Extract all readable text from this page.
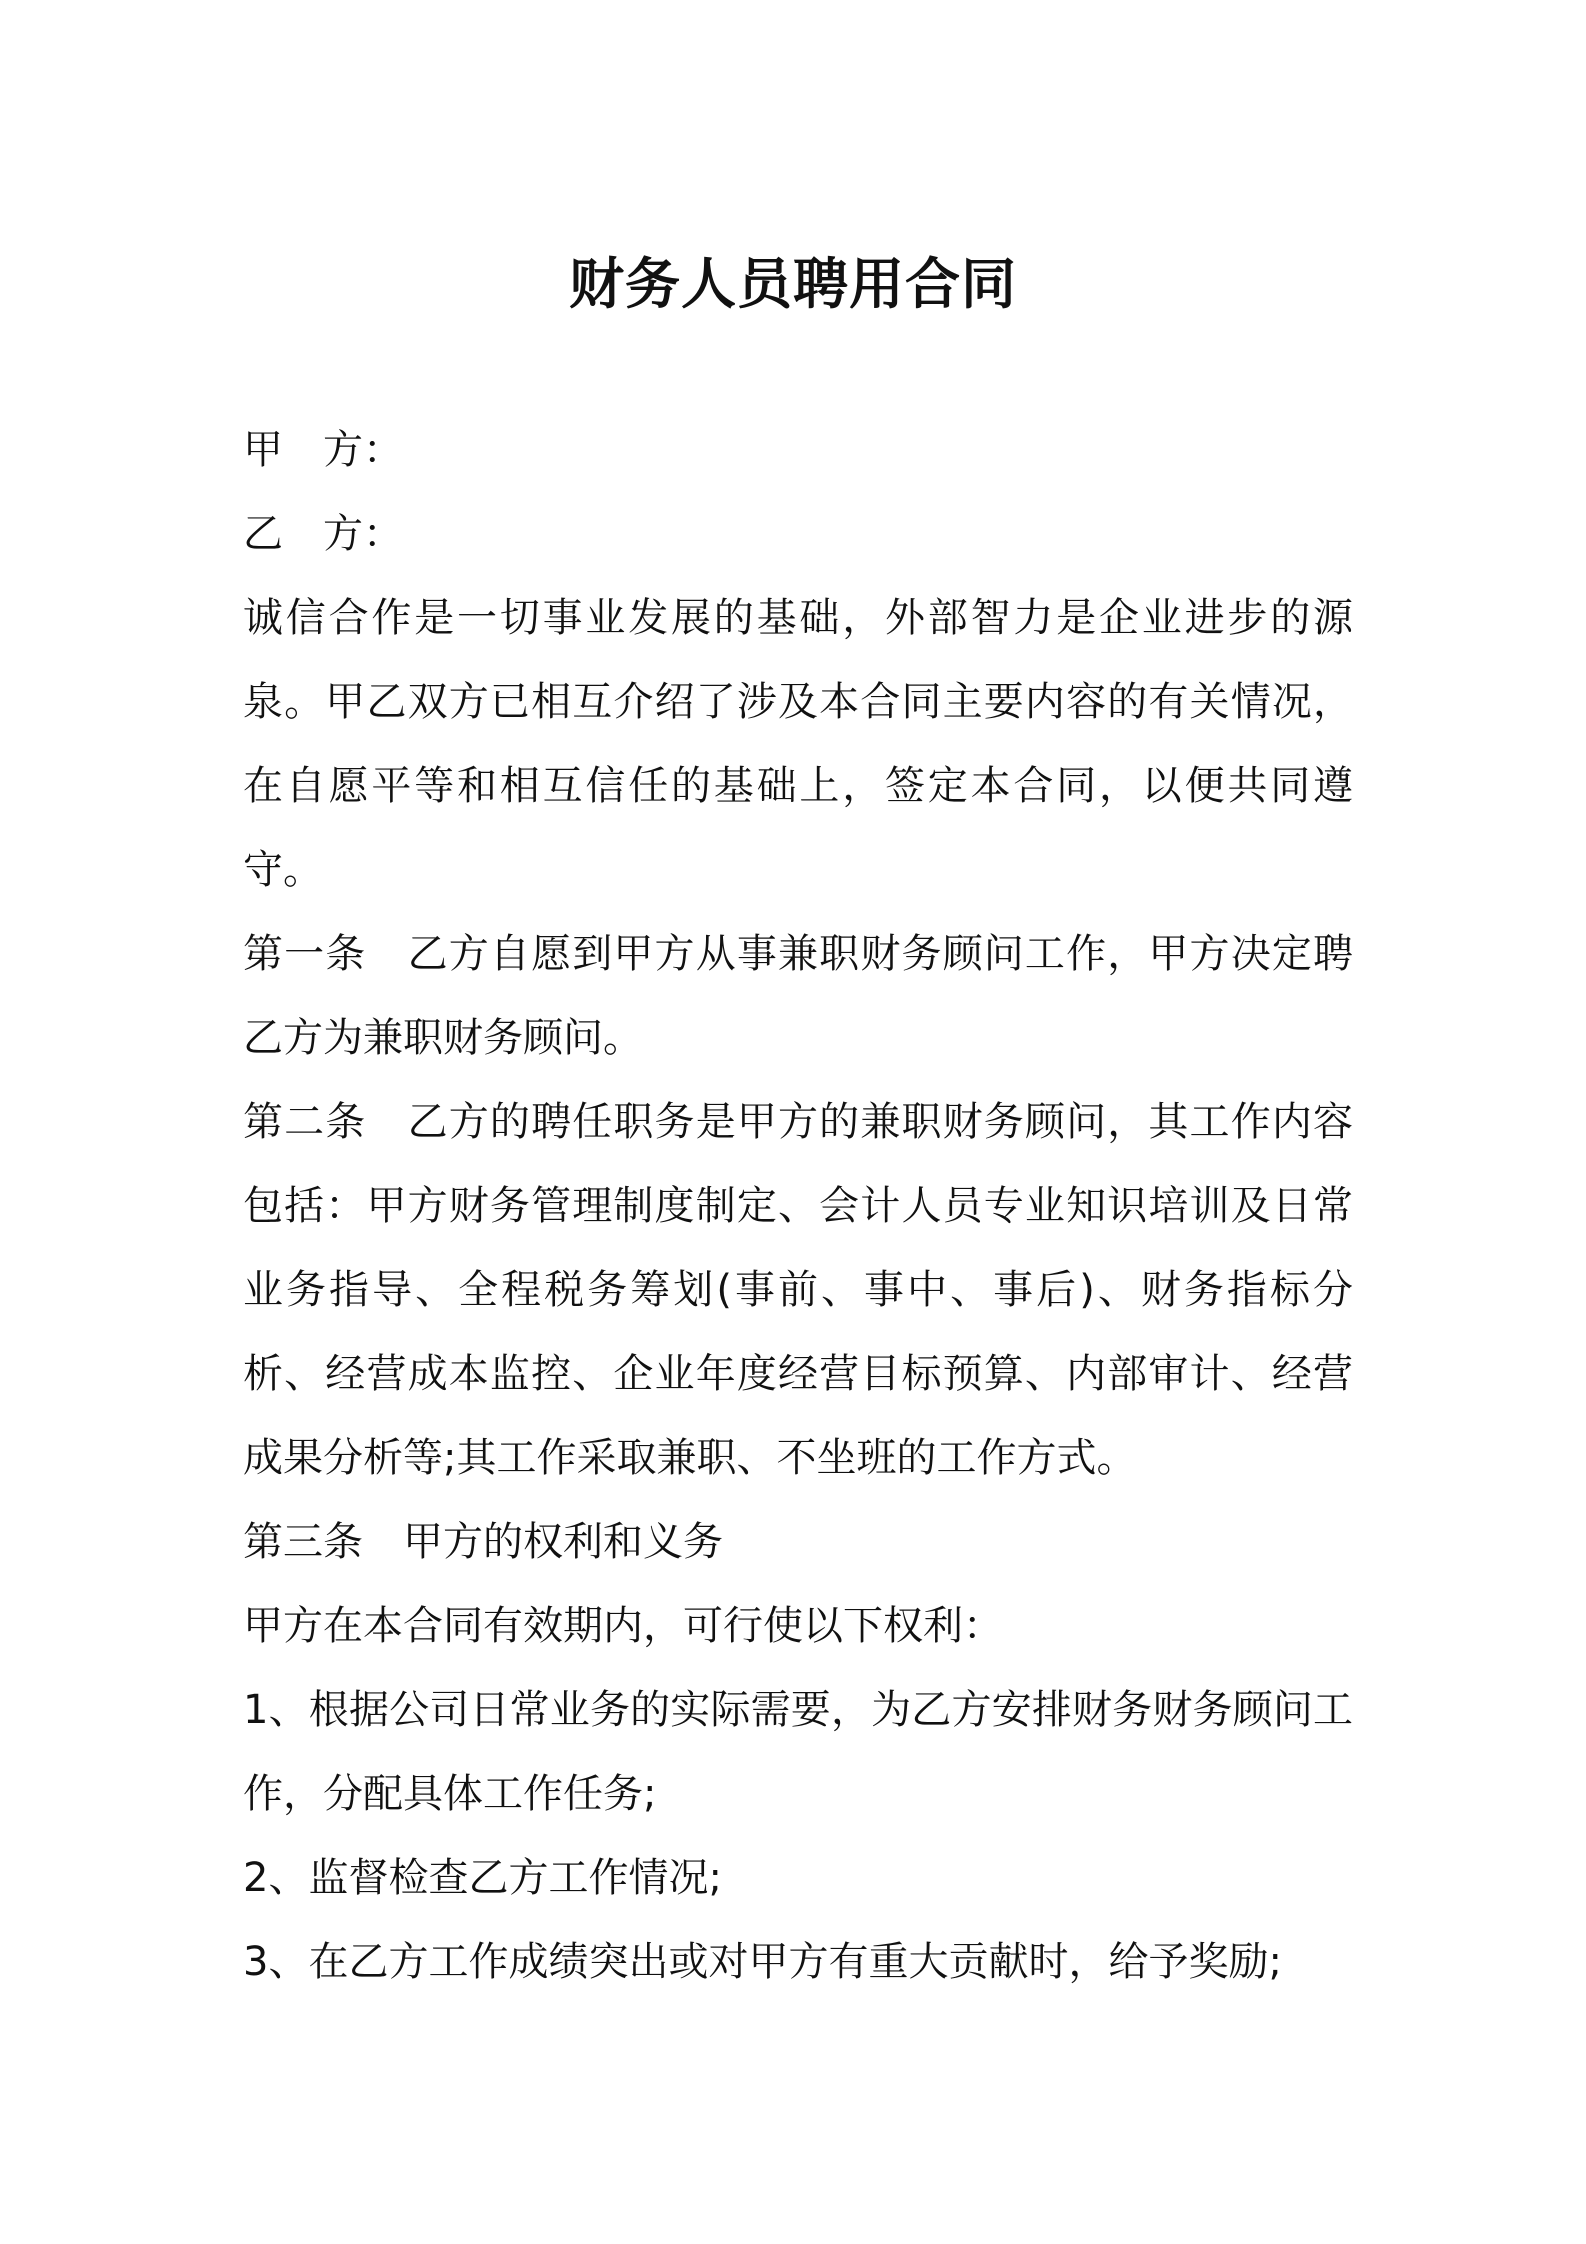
财务人员聘用合同

甲 方：

乙 方：

诚信合作是一切事业发展的基础，外部智力是企业进步的源泉。甲乙双方已相互介绍了涉及本合同主要内容的有关情况，在自愿平等和相互信任的基础上，签定本合同，以便共同遵守。

第一条 乙方自愿到甲方从事兼职财务顾问工作，甲方决定聘乙方为兼职财务顾问。

第二条 乙方的聘任职务是甲方的兼职财务顾问，其工作内容包括：甲方财务管理制度制定、会计人员专业知识培训及日常业务指导、全程税务筹划(事前、事中、事后)、财务指标分析、经营成本监控、企业年度经营目标预算、内部审计、经营成果分析等;其工作采取兼职、不坐班的工作方式。

第三条 甲方的权利和义务

甲方在本合同有效期内，可行使以下权利：

1、根据公司日常业务的实际需要，为乙方安排财务财务顾问工作，分配具体工作任务;

2、监督检查乙方工作情况;

3、在乙方工作成绩突出或对甲方有重大贡献时，给予奖励;
